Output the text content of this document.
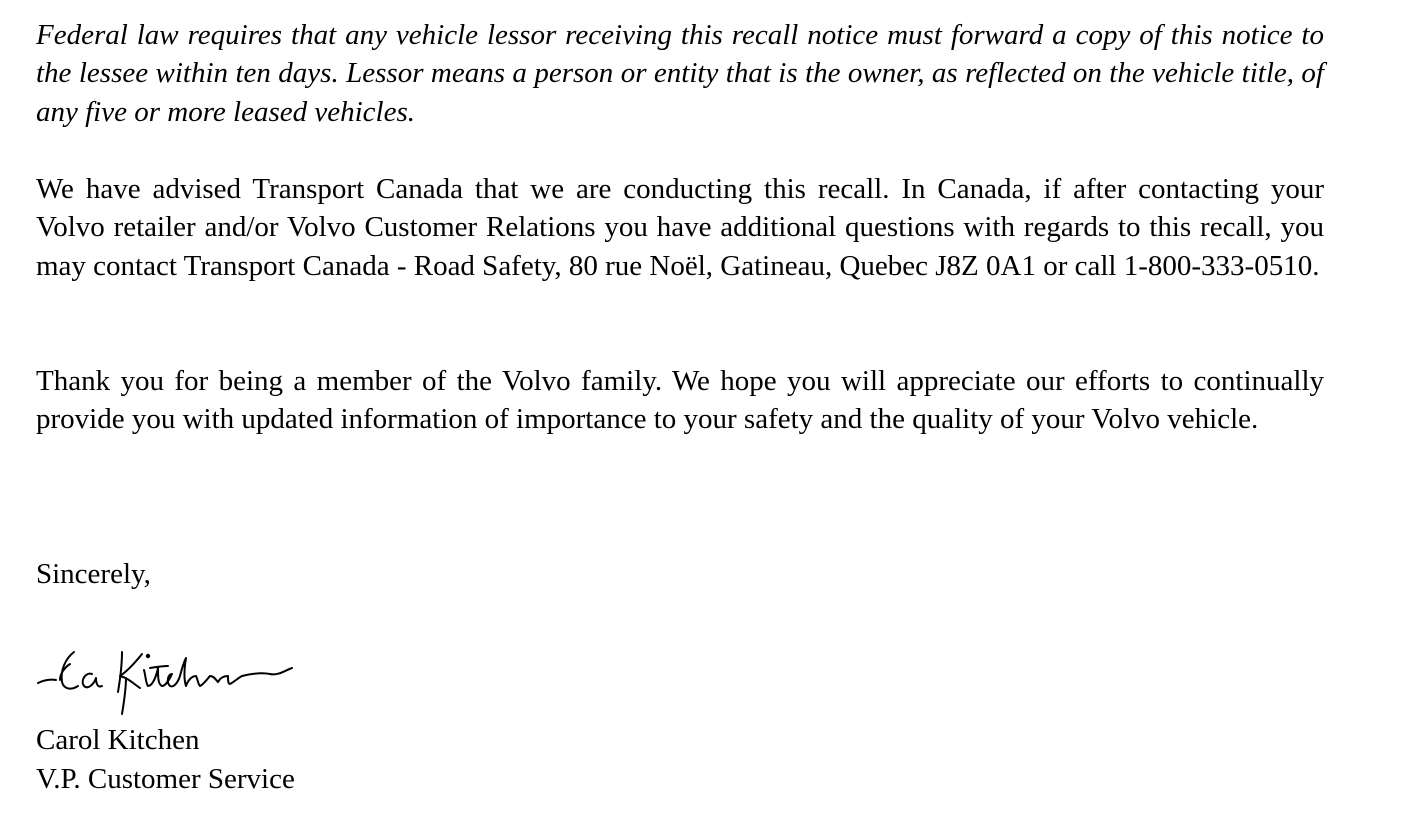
Federal law requires that any vehicle lessor receiving this recall notice must forward a copy of this notice to the lessee within ten days. Lessor means a person or entity that is the owner, as reflected on the vehicle title, of any five or more leased vehicles.

We have advised Transport Canada that we are conducting this recall. In Canada, if after contacting your Volvo retailer and/or Volvo Customer Relations you have additional questions with regards to this recall, you may contact Transport Canada - Road Safety, 80 rue Noël, Gatineau, Quebec J8Z 0A1 or call 1-800-333-0510.

Thank you for being a member of the Volvo family. We hope you will appreciate our efforts to continually provide you with updated information of importance to your safety and the quality of your Volvo vehicle.

Sincerely,

Carol Kitchen
V.P. Customer Service
